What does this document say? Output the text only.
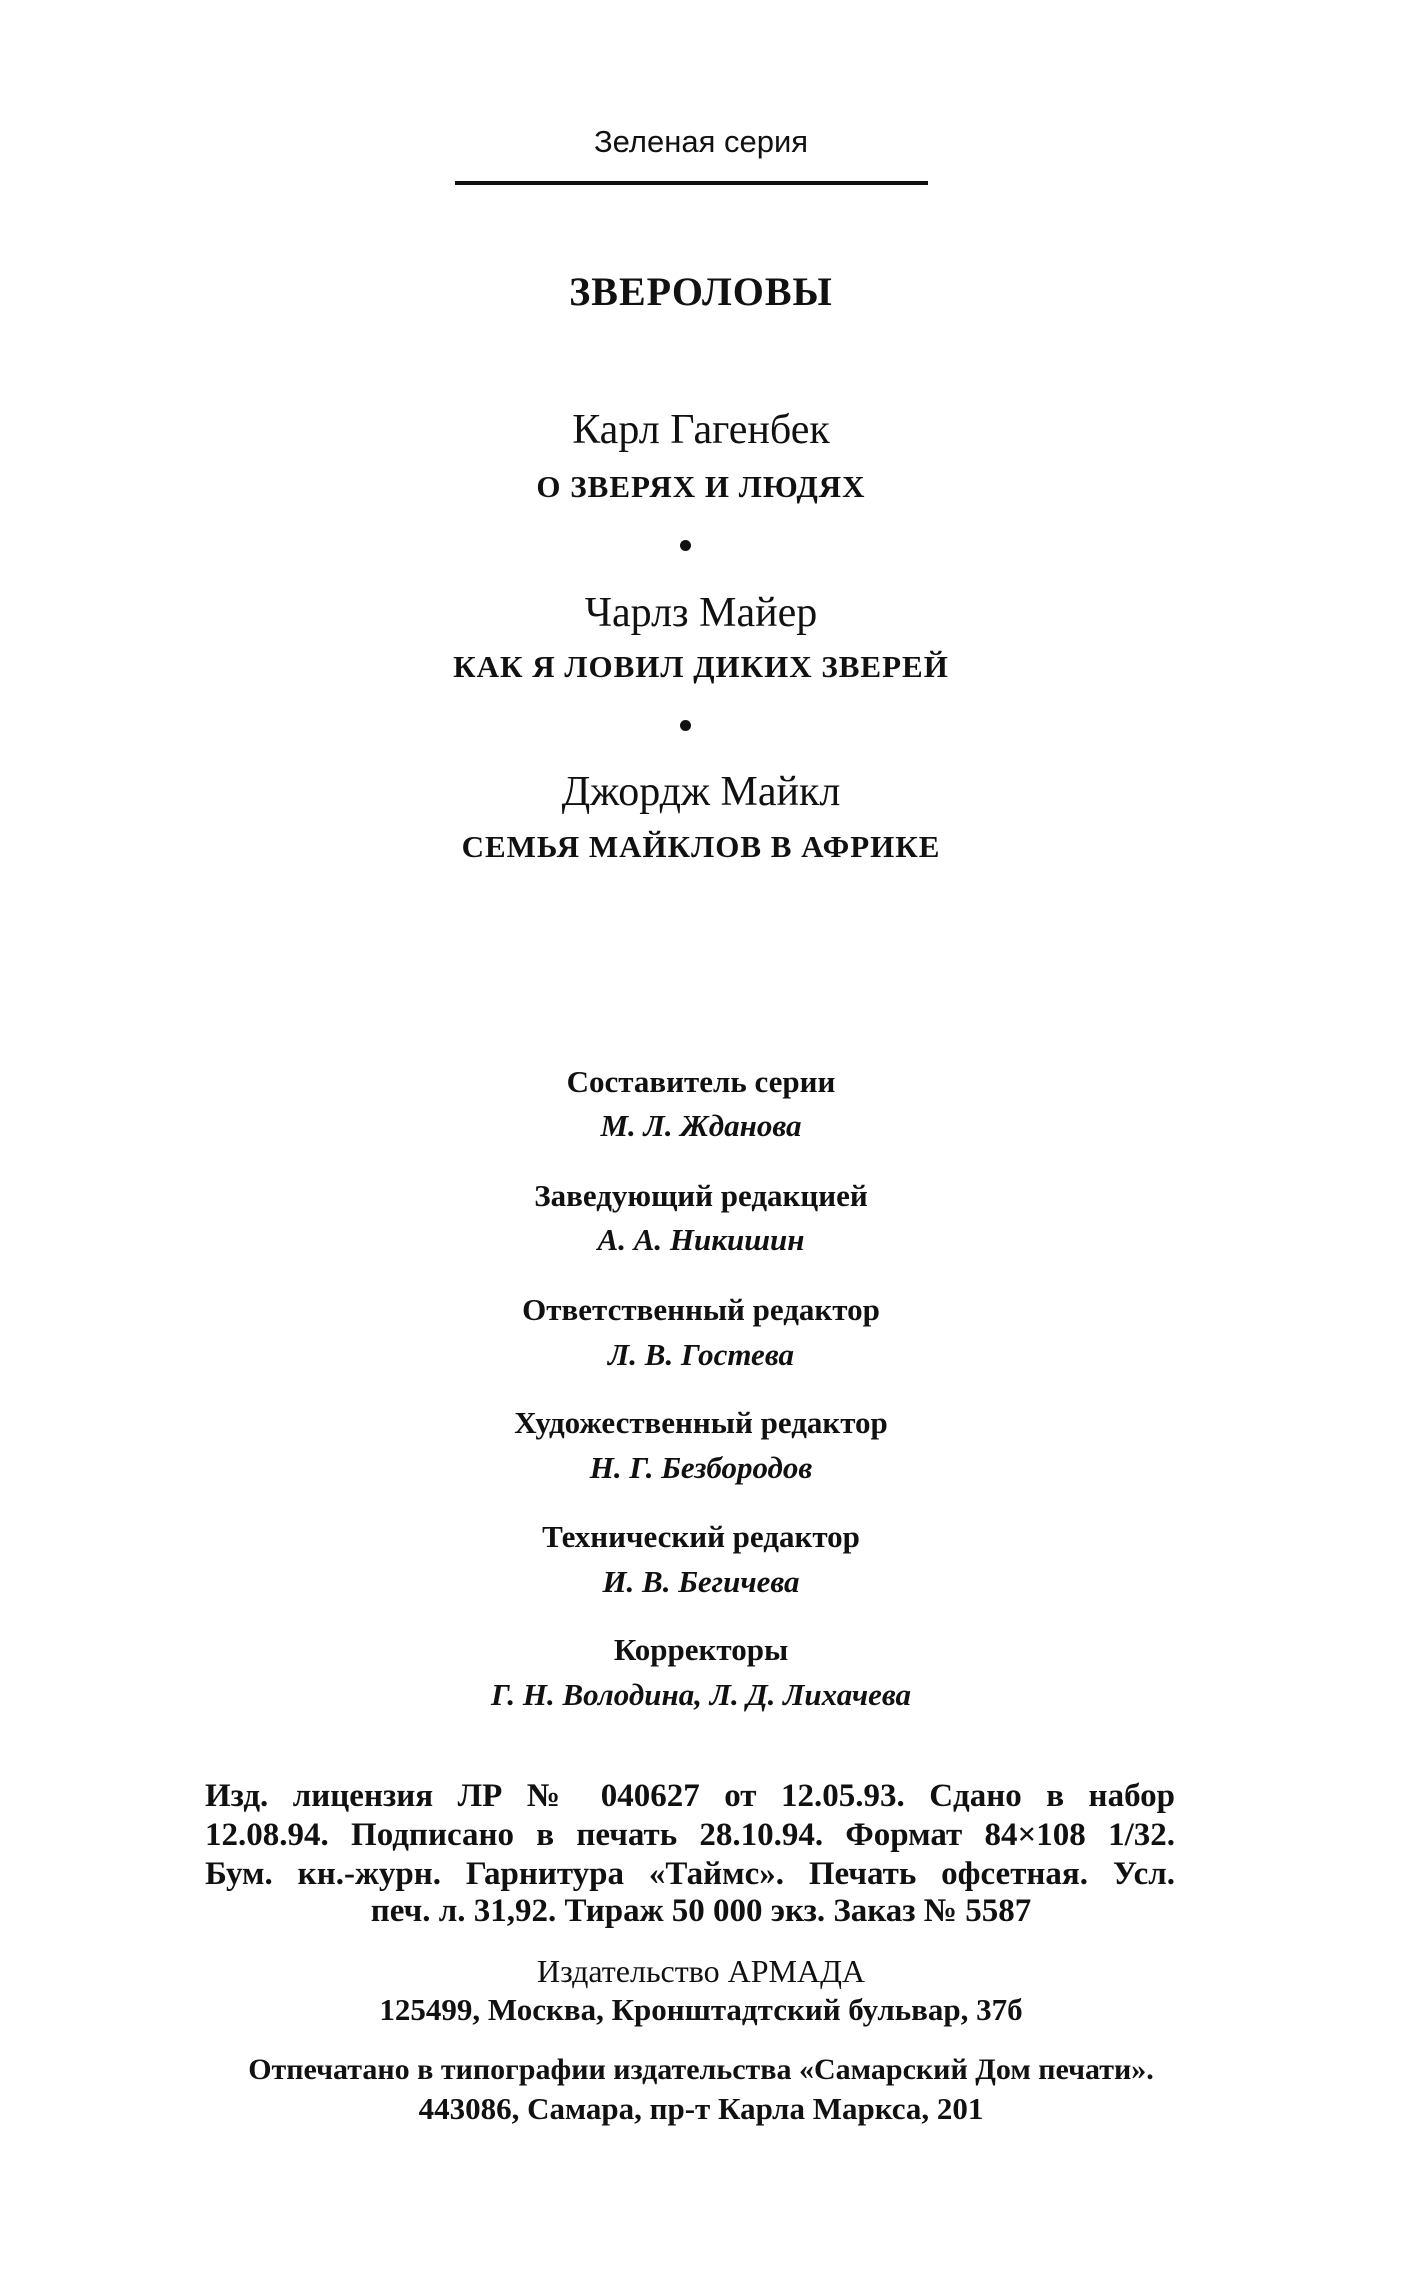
Зеленая серия
ЗВЕРОЛОВЫ
Карл Гагенбек
О ЗВЕРЯХ И ЛЮДЯХ
Чарлз Майер
КАК Я ЛОВИЛ ДИКИХ ЗВЕРЕЙ
Джордж Майкл
СЕМЬЯ МАЙКЛОВ В АФРИКЕ
Составитель серии
М. Л. Жданова
Заведующий редакцией
А. А. Никишин
Ответственный редактор
Л. В. Гостева
Художественный редактор
Н. Г. Безбородов
Технический редактор
И. В. Бегичева
Корректоры
Г. Н. Володина, Л. Д. Лихачева
Изд. лицензия ЛР № 040627 от 12.05.93. Сдано в набор
12.08.94. Подписано в печать 28.10.94. Формат 84×108 1/32.
Бум. кн.-журн. Гарнитура «Таймс». Печать офсетная. Усл.
печ. л. 31,92. Тираж 50 000 экз. Заказ № 5587
Издательство АРМАДА
125499, Москва, Кронштадтский бульвар, 37б
Отпечатано в типографии издательства «Самарский Дом печати».
443086, Самара, пр-т Карла Маркса, 201
